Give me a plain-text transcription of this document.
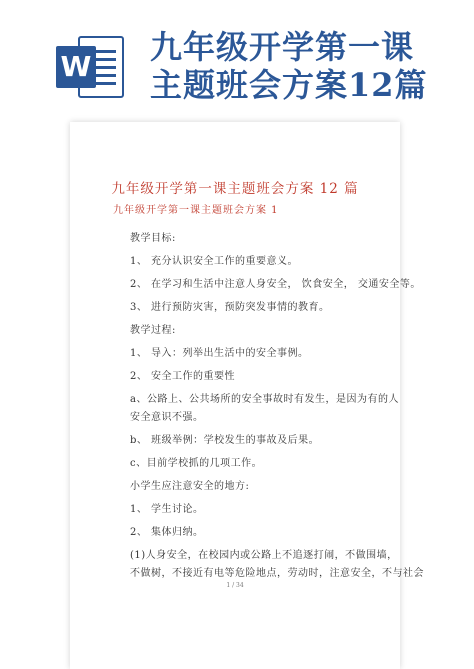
W
九年级开学第一课
主题班会方案12篇
九年级开学第一课主题班会方案 12 篇
九年级开学第一课主题班会方案 1
教学目标:
1、 充分认识安全工作的重要意义。
2、 在学习和生活中注意人身安全， 饮食安全， 交通安全等。
3、 进行预防灾害，预防突发事情的教育。
教学过程:
1、 导入：列举出生活中的安全事例。
2、 安全工作的重要性
a、公路上、公共场所的安全事故时有发生，是因为有的人
安全意识不强。
b、 班级举例：学校发生的事故及后果。
c、目前学校抓的几项工作。
小学生应注意安全的地方:
1、 学生讨论。
2、 集体归纳。
(1)人身安全，在校园内或公路上不追逐打闹，不做围墙，
不做树，不接近有电等危险地点，劳动时，注意安全，不与社会
1 / 34
